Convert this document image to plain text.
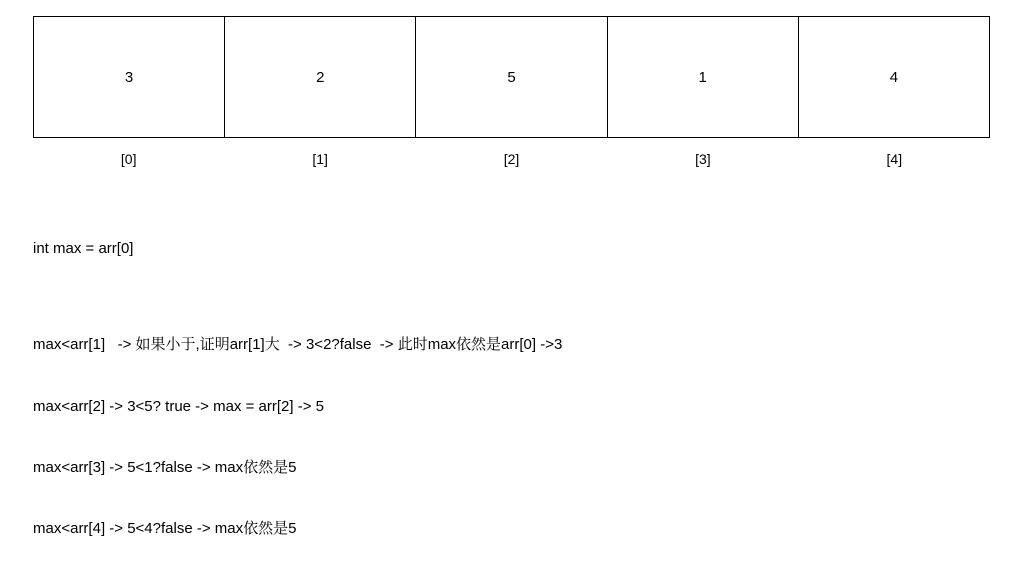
3	2	5	1	4
[0]	[1]	[2]	[3]	[4]
int max = arr[0]
max<arr[1]   -> 如果小于,证明arr[1]大  -> 3<2?false  -> 此时max依然是arr[0] ->3
max<arr[2] -> 3<5? true -> max = arr[2] -> 5
max<arr[3] -> 5<1?false -> max依然是5
max<arr[4] -> 5<4?false -> max依然是5
